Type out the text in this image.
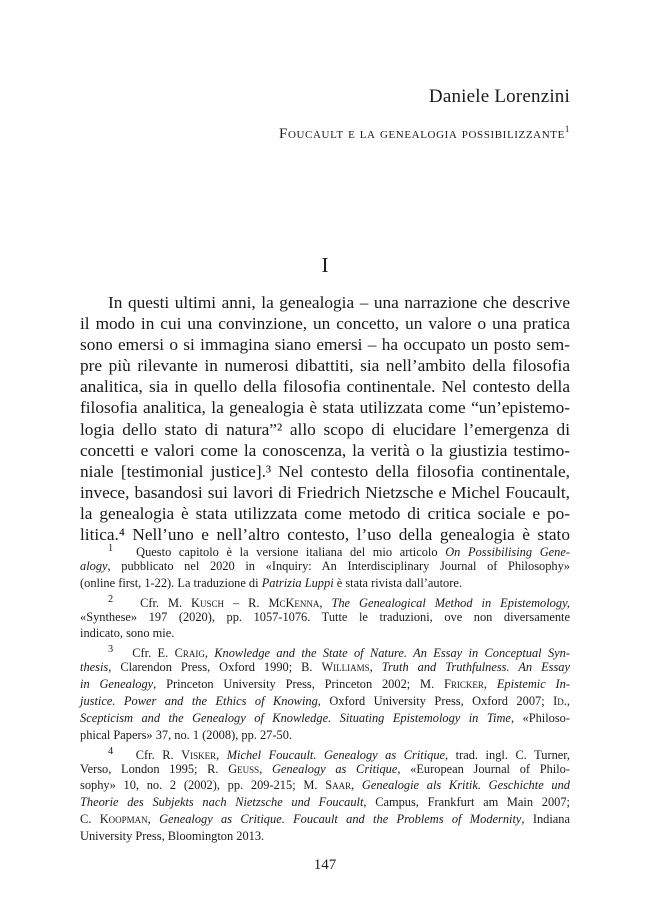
Daniele Lorenzini
Foucault e la genealogia possibilizzante$^1$
I
In questi ultimi anni, la genealogia – una narrazione che descrive
il modo in cui una convinzione, un concetto, un valore o una pratica
sono emersi o si immagina siano emersi – ha occupato un posto sem-
pre più rilevante in numerosi dibattiti, sia nell’ambito della filosofia
analitica, sia in quello della filosofia continentale. Nel contesto della
filosofia analitica, la genealogia è stata utilizzata come “un’epistemo-
logia dello stato di natura”² allo scopo di elucidare l’emergenza di
concetti e valori come la conoscenza, la verità o la giustizia testimo-
niale [testimonial justice].³ Nel contesto della filosofia continentale,
invece, basandosi sui lavori di Friedrich Nietzsche e Michel Foucault,
la genealogia è stata utilizzata come metodo di critica sociale e po-
litica.⁴ Nell’uno e nell’altro contesto, l’uso della genealogia è stato
$^1$ Questo capitolo è la versione italiana del mio articolo On Possibilising Gene-
alogy, pubblicato nel 2020 in «Inquiry: An Interdisciplinary Journal of Philosophy»
(online first, 1-22). La traduzione di Patrizia Luppi è stata rivista dall’autore.
$^2$ Cfr. M. Kusch – R. McKenna, The Genealogical Method in Epistemology,
«Synthese» 197 (2020), pp. 1057-1076. Tutte le traduzioni, ove non diversamente
indicato, sono mie.
$^3$ Cfr. E. Craig, Knowledge and the State of Nature. An Essay in Conceptual Syn-
thesis, Clarendon Press, Oxford 1990; B. Williams, Truth and Truthfulness. An Essay
in Genealogy, Princeton University Press, Princeton 2002; M. Fricker, Epistemic In-
justice. Power and the Ethics of Knowing, Oxford University Press, Oxford 2007; Id.,
Scepticism and the Genealogy of Knowledge. Situating Epistemology in Time, «Philoso-
phical Papers» 37, no. 1 (2008), pp. 27-50.
$^4$ Cfr. R. Visker, Michel Foucault. Genealogy as Critique, trad. ingl. C. Turner,
Verso, London 1995; R. Geuss, Genealogy as Critique, «European Journal of Philo-
sophy» 10, no. 2 (2002), pp. 209-215; M. Saar, Genealogie als Kritik. Geschichte und
Theorie des Subjekts nach Nietzsche und Foucault, Campus, Frankfurt am Main 2007;
C. Koopman, Genealogy as Critique. Foucault and the Problems of Modernity, Indiana
University Press, Bloomington 2013.
147
